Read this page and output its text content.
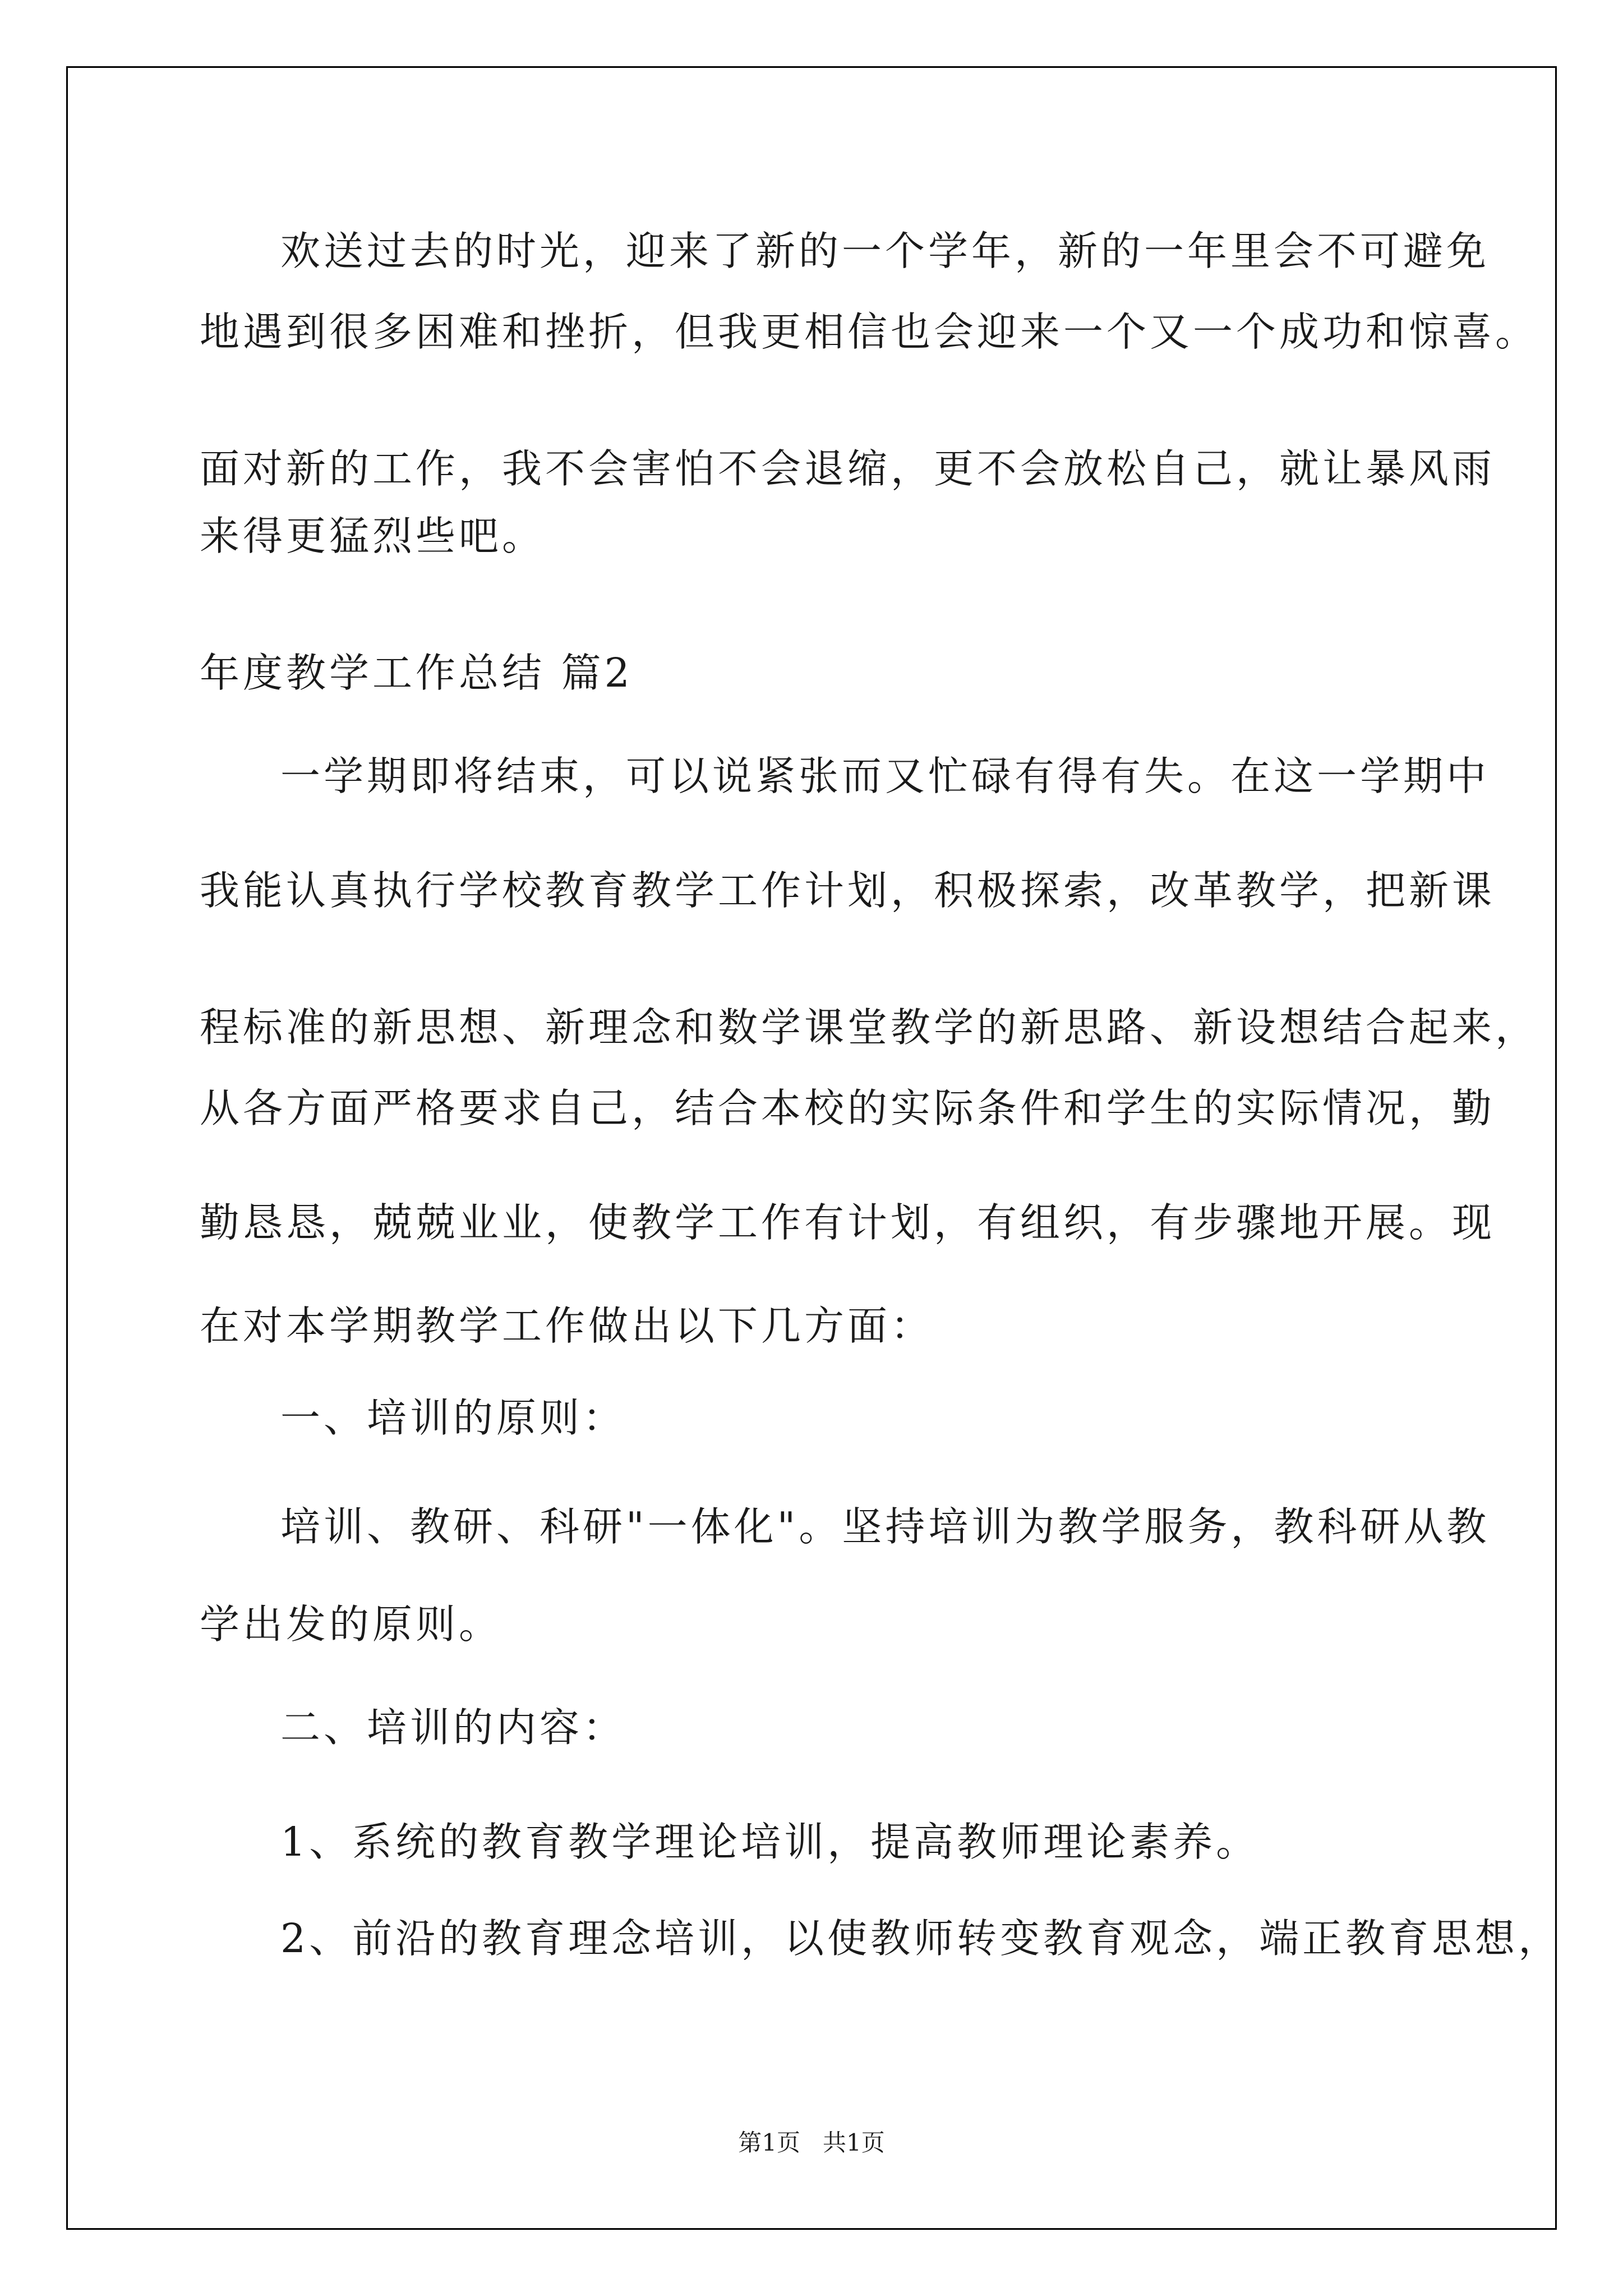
欢送过去的时光，迎来了新的一个学年，新的一年里会不可避免
地遇到很多困难和挫折，但我更相信也会迎来一个又一个成功和惊喜。
面对新的工作，我不会害怕不会退缩，更不会放松自己，就让暴风雨
来得更猛烈些吧。
年度教学工作总结 篇2
一学期即将结束，可以说紧张而又忙碌有得有失。在这一学期中
我能认真执行学校教育教学工作计划，积极探索，改革教学，把新课
程标准的新思想、新理念和数学课堂教学的新思路、新设想结合起来，
从各方面严格要求自己，结合本校的实际条件和学生的实际情况，勤
勤恳恳，兢兢业业，使教学工作有计划，有组织，有步骤地开展。现
在对本学期教学工作做出以下几方面：
一、培训的原则：
培训、教研、科研"一体化"。坚持培训为教学服务，教科研从教
学出发的原则。
二、培训的内容：
1、系统的教育教学理论培训，提高教师理论素养。
2、前沿的教育理念培训，以使教师转变教育观念，端正教育思想，
第1页 共1页
